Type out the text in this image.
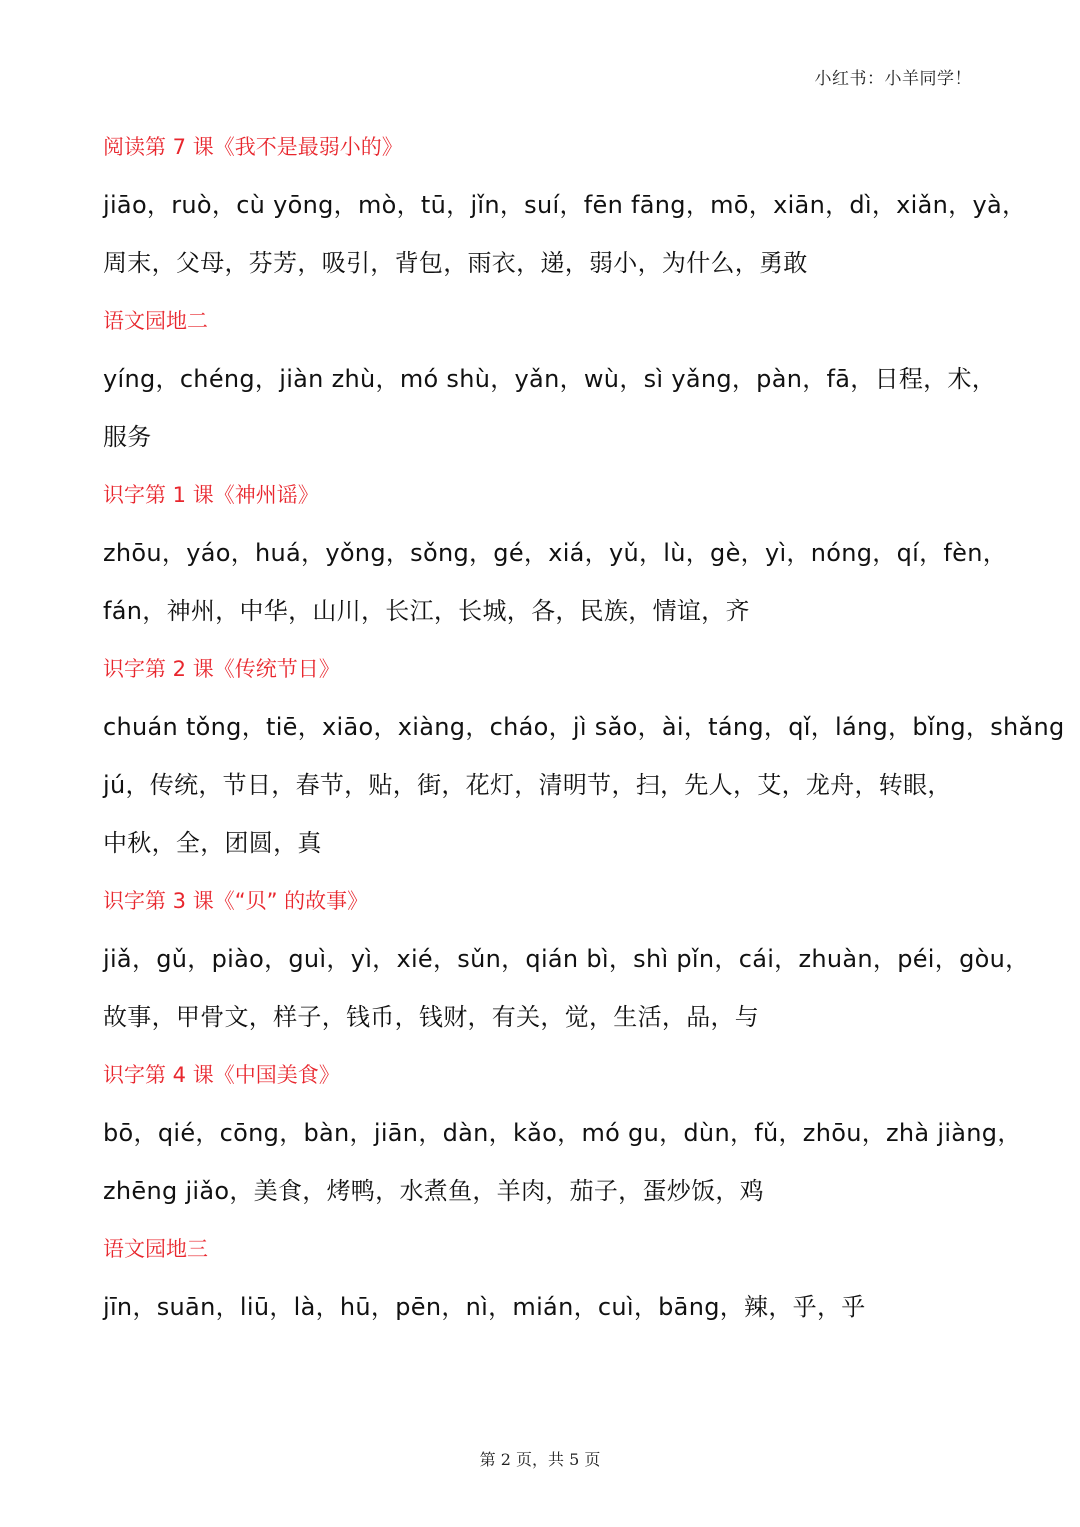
小红书：小羊同学！
阅读第 7 课《我不是最弱小的》
jiāo，ruò，cù yōng，mò，tū，jǐn，suí，fēn fāng，mō，xiān，dì，xiǎn，yà，
周末，父母，芬芳，吸引，背包，雨衣，递，弱小，为什么，勇敢
语文园地二
yíng，chéng，jiàn zhù，mó shù，yǎn，wù，sì yǎng，pàn，fā，日程，术，
服务
识字第 1 课《神州谣》
zhōu，yáo，huá，yǒng，sǒng，gé，xiá，yǔ，lù，gè，yì，nóng，qí，fèn，
fán，神州，中华，山川，长江，长城，各，民族，情谊，齐
识字第 2 课《传统节日》
chuán tǒng，tiē，xiāo，xiàng，cháo，jì sǎo，ài，táng，qǐ，láng，bǐng，shǎng
jú，传统，节日，春节，贴，街，花灯，清明节，扫，先人，艾，龙舟，转眼，
中秋，全，团圆，真
识字第 3 课《“贝” 的故事》
jiǎ，gǔ，piào，guì，yì，xié，sǔn，qián bì，shì pǐn，cái，zhuàn，péi，gòu，
故事，甲骨文，样子，钱币，钱财，有关，觉，生活，品，与
识字第 4 课《中国美食》
bō，qié，cōng，bàn，jiān，dàn，kǎo，mó gu，dùn，fǔ，zhōu，zhà jiàng，
zhēng jiǎo，美食，烤鸭，水煮鱼，羊肉，茄子，蛋炒饭，鸡
语文园地三
jīn，suān，liū，là，hū，pēn，nì，mián，cuì，bāng，辣，乎，乎
第 2 页，共 5 页
